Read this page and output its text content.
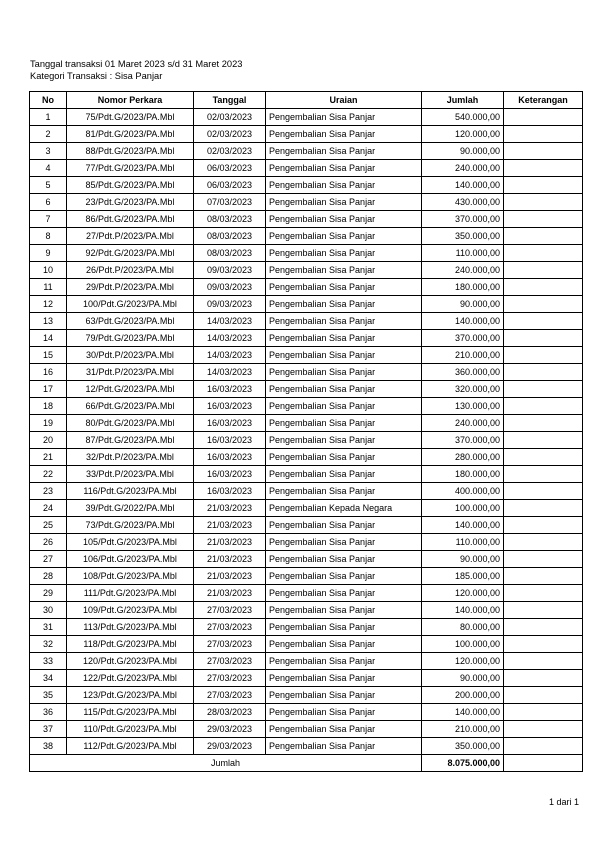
Tanggal transaksi 01 Maret 2023 s/d 31 Maret 2023
Kategori Transaksi : Sisa Panjar
No	Nomor Perkara	Tanggal	Uraian	Jumlah	Keterangan
1	75/Pdt.G/2023/PA.Mbl	02/03/2023	Pengembalian Sisa Panjar	540.000,00	
2	81/Pdt.G/2023/PA.Mbl	02/03/2023	Pengembalian Sisa Panjar	120.000,00	
3	88/Pdt.G/2023/PA.Mbl	02/03/2023	Pengembalian Sisa Panjar	90.000,00	
4	77/Pdt.G/2023/PA.Mbl	06/03/2023	Pengembalian Sisa Panjar	240.000,00	
5	85/Pdt.G/2023/PA.Mbl	06/03/2023	Pengembalian Sisa Panjar	140.000,00	
6	23/Pdt.G/2023/PA.Mbl	07/03/2023	Pengembalian Sisa Panjar	430.000,00	
7	86/Pdt.G/2023/PA.Mbl	08/03/2023	Pengembalian Sisa Panjar	370.000,00	
8	27/Pdt.P/2023/PA.Mbl	08/03/2023	Pengembalian Sisa Panjar	350.000,00	
9	92/Pdt.G/2023/PA.Mbl	08/03/2023	Pengembalian Sisa Panjar	110.000,00	
10	26/Pdt.P/2023/PA.Mbl	09/03/2023	Pengembalian Sisa Panjar	240.000,00	
11	29/Pdt.P/2023/PA.Mbl	09/03/2023	Pengembalian Sisa Panjar	180.000,00	
12	100/Pdt.G/2023/PA.Mbl	09/03/2023	Pengembalian Sisa Panjar	90.000,00	
13	63/Pdt.G/2023/PA.Mbl	14/03/2023	Pengembalian Sisa Panjar	140.000,00	
14	79/Pdt.G/2023/PA.Mbl	14/03/2023	Pengembalian Sisa Panjar	370.000,00	
15	30/Pdt.P/2023/PA.Mbl	14/03/2023	Pengembalian Sisa Panjar	210.000,00	
16	31/Pdt.P/2023/PA.Mbl	14/03/2023	Pengembalian Sisa Panjar	360.000,00	
17	12/Pdt.G/2023/PA.Mbl	16/03/2023	Pengembalian Sisa Panjar	320.000,00	
18	66/Pdt.G/2023/PA.Mbl	16/03/2023	Pengembalian Sisa Panjar	130.000,00	
19	80/Pdt.G/2023/PA.Mbl	16/03/2023	Pengembalian Sisa Panjar	240.000,00	
20	87/Pdt.G/2023/PA.Mbl	16/03/2023	Pengembalian Sisa Panjar	370.000,00	
21	32/Pdt.P/2023/PA.Mbl	16/03/2023	Pengembalian Sisa Panjar	280.000,00	
22	33/Pdt.P/2023/PA.Mbl	16/03/2023	Pengembalian Sisa Panjar	180.000,00	
23	116/Pdt.G/2023/PA.Mbl	16/03/2023	Pengembalian Sisa Panjar	400.000,00	
24	39/Pdt.G/2022/PA.Mbl	21/03/2023	Pengembalian Kepada Negara	100.000,00	
25	73/Pdt.G/2023/PA.Mbl	21/03/2023	Pengembalian Sisa Panjar	140.000,00	
26	105/Pdt.G/2023/PA.Mbl	21/03/2023	Pengembalian Sisa Panjar	110.000,00	
27	106/Pdt.G/2023/PA.Mbl	21/03/2023	Pengembalian Sisa Panjar	90.000,00	
28	108/Pdt.G/2023/PA.Mbl	21/03/2023	Pengembalian Sisa Panjar	185.000,00	
29	111/Pdt.G/2023/PA.Mbl	21/03/2023	Pengembalian Sisa Panjar	120.000,00	
30	109/Pdt.G/2023/PA.Mbl	27/03/2023	Pengembalian Sisa Panjar	140.000,00	
31	113/Pdt.G/2023/PA.Mbl	27/03/2023	Pengembalian Sisa Panjar	80.000,00	
32	118/Pdt.G/2023/PA.Mbl	27/03/2023	Pengembalian Sisa Panjar	100.000,00	
33	120/Pdt.G/2023/PA.Mbl	27/03/2023	Pengembalian Sisa Panjar	120.000,00	
34	122/Pdt.G/2023/PA.Mbl	27/03/2023	Pengembalian Sisa Panjar	90.000,00	
35	123/Pdt.G/2023/PA.Mbl	27/03/2023	Pengembalian Sisa Panjar	200.000,00	
36	115/Pdt.G/2023/PA.Mbl	28/03/2023	Pengembalian Sisa Panjar	140.000,00	
37	110/Pdt.G/2023/PA.Mbl	29/03/2023	Pengembalian Sisa Panjar	210.000,00	
38	112/Pdt.G/2023/PA.Mbl	29/03/2023	Pengembalian Sisa Panjar	350.000,00	
Jumlah				8.075.000,00	
1 dari 1
